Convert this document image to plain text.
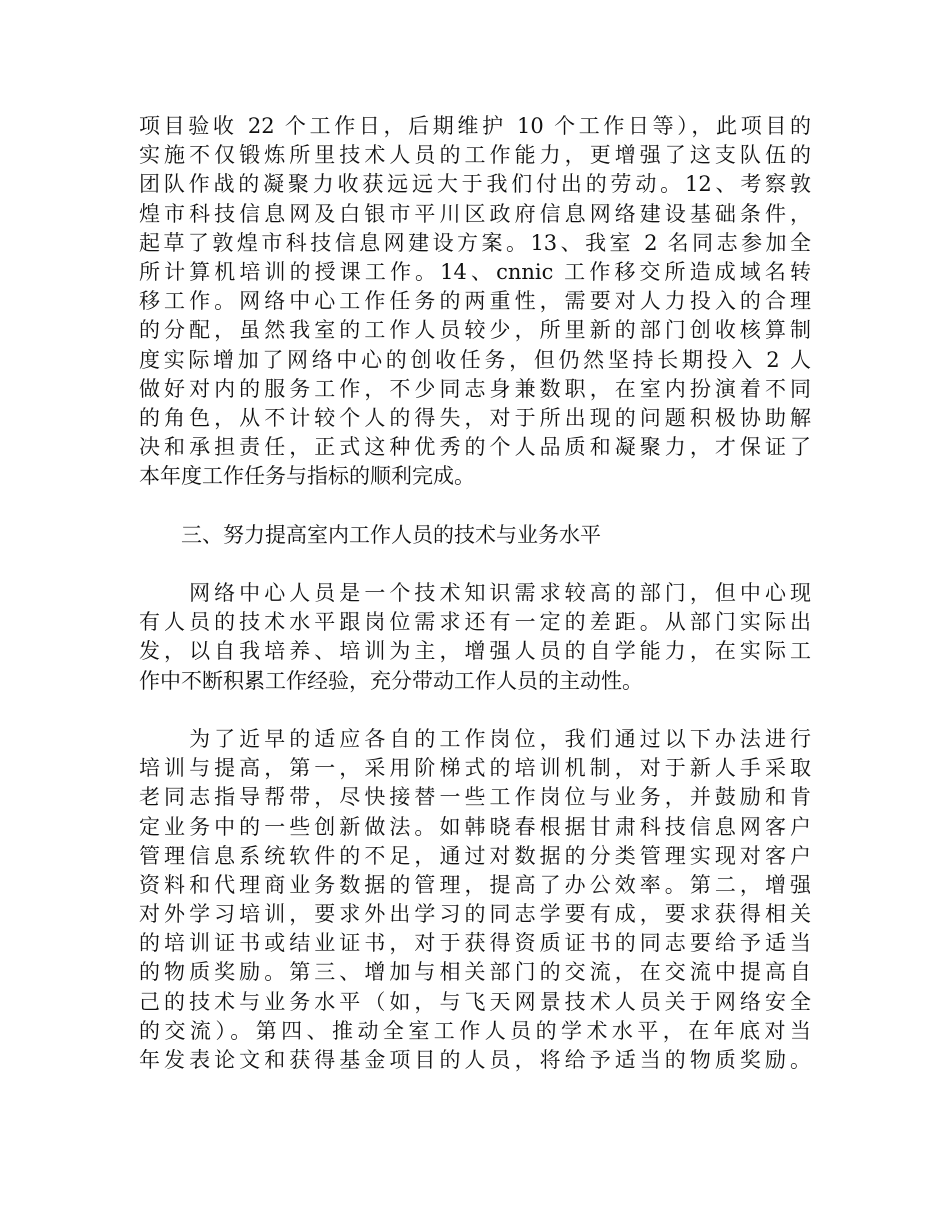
项目验收 22 个工作日，后期维护 10 个工作日等），此项目的
实施不仅锻炼所里技术人员的工作能力，更增强了这支队伍的
团队作战的凝聚力收获远远大于我们付出的劳动。12、考察敦
煌市科技信息网及白银市平川区政府信息网络建设基础条件，
起草了敦煌市科技信息网建设方案。13、我室 2 名同志参加全
所计算机培训的授课工作。14、cnnic 工作移交所造成域名转
移工作。网络中心工作任务的两重性，需要对人力投入的合理
的分配，虽然我室的工作人员较少，所里新的部门创收核算制
度实际增加了网络中心的创收任务，但仍然坚持长期投入 2 人
做好对内的服务工作，不少同志身兼数职，在室内扮演着不同
的角色，从不计较个人的得失，对于所出现的问题积极协助解
决和承担责任，正式这种优秀的个人品质和凝聚力，才保证了
本年度工作任务与指标的顺利完成。
　　三、努力提高室内工作人员的技术与业务水平
　　网络中心人员是一个技术知识需求较高的部门，但中心现
有人员的技术水平跟岗位需求还有一定的差距。从部门实际出
发，以自我培养、培训为主，增强人员的自学能力，在实际工
作中不断积累工作经验，充分带动工作人员的主动性。
　　为了近早的适应各自的工作岗位，我们通过以下办法进行
培训与提高，第一，采用阶梯式的培训机制，对于新人手采取
老同志指导帮带，尽快接替一些工作岗位与业务，并鼓励和肯
定业务中的一些创新做法。如韩晓春根据甘肃科技信息网客户
管理信息系统软件的不足，通过对数据的分类管理实现对客户
资料和代理商业务数据的管理，提高了办公效率。第二，增强
对外学习培训，要求外出学习的同志学要有成，要求获得相关
的培训证书或结业证书，对于获得资质证书的同志要给予适当
的物质奖励。第三、增加与相关部门的交流，在交流中提高自
己的技术与业务水平（如，与飞天网景技术人员关于网络安全
的交流）。第四、推动全室工作人员的学术水平，在年底对当
年发表论文和获得基金项目的人员，将给予适当的物质奖励。
